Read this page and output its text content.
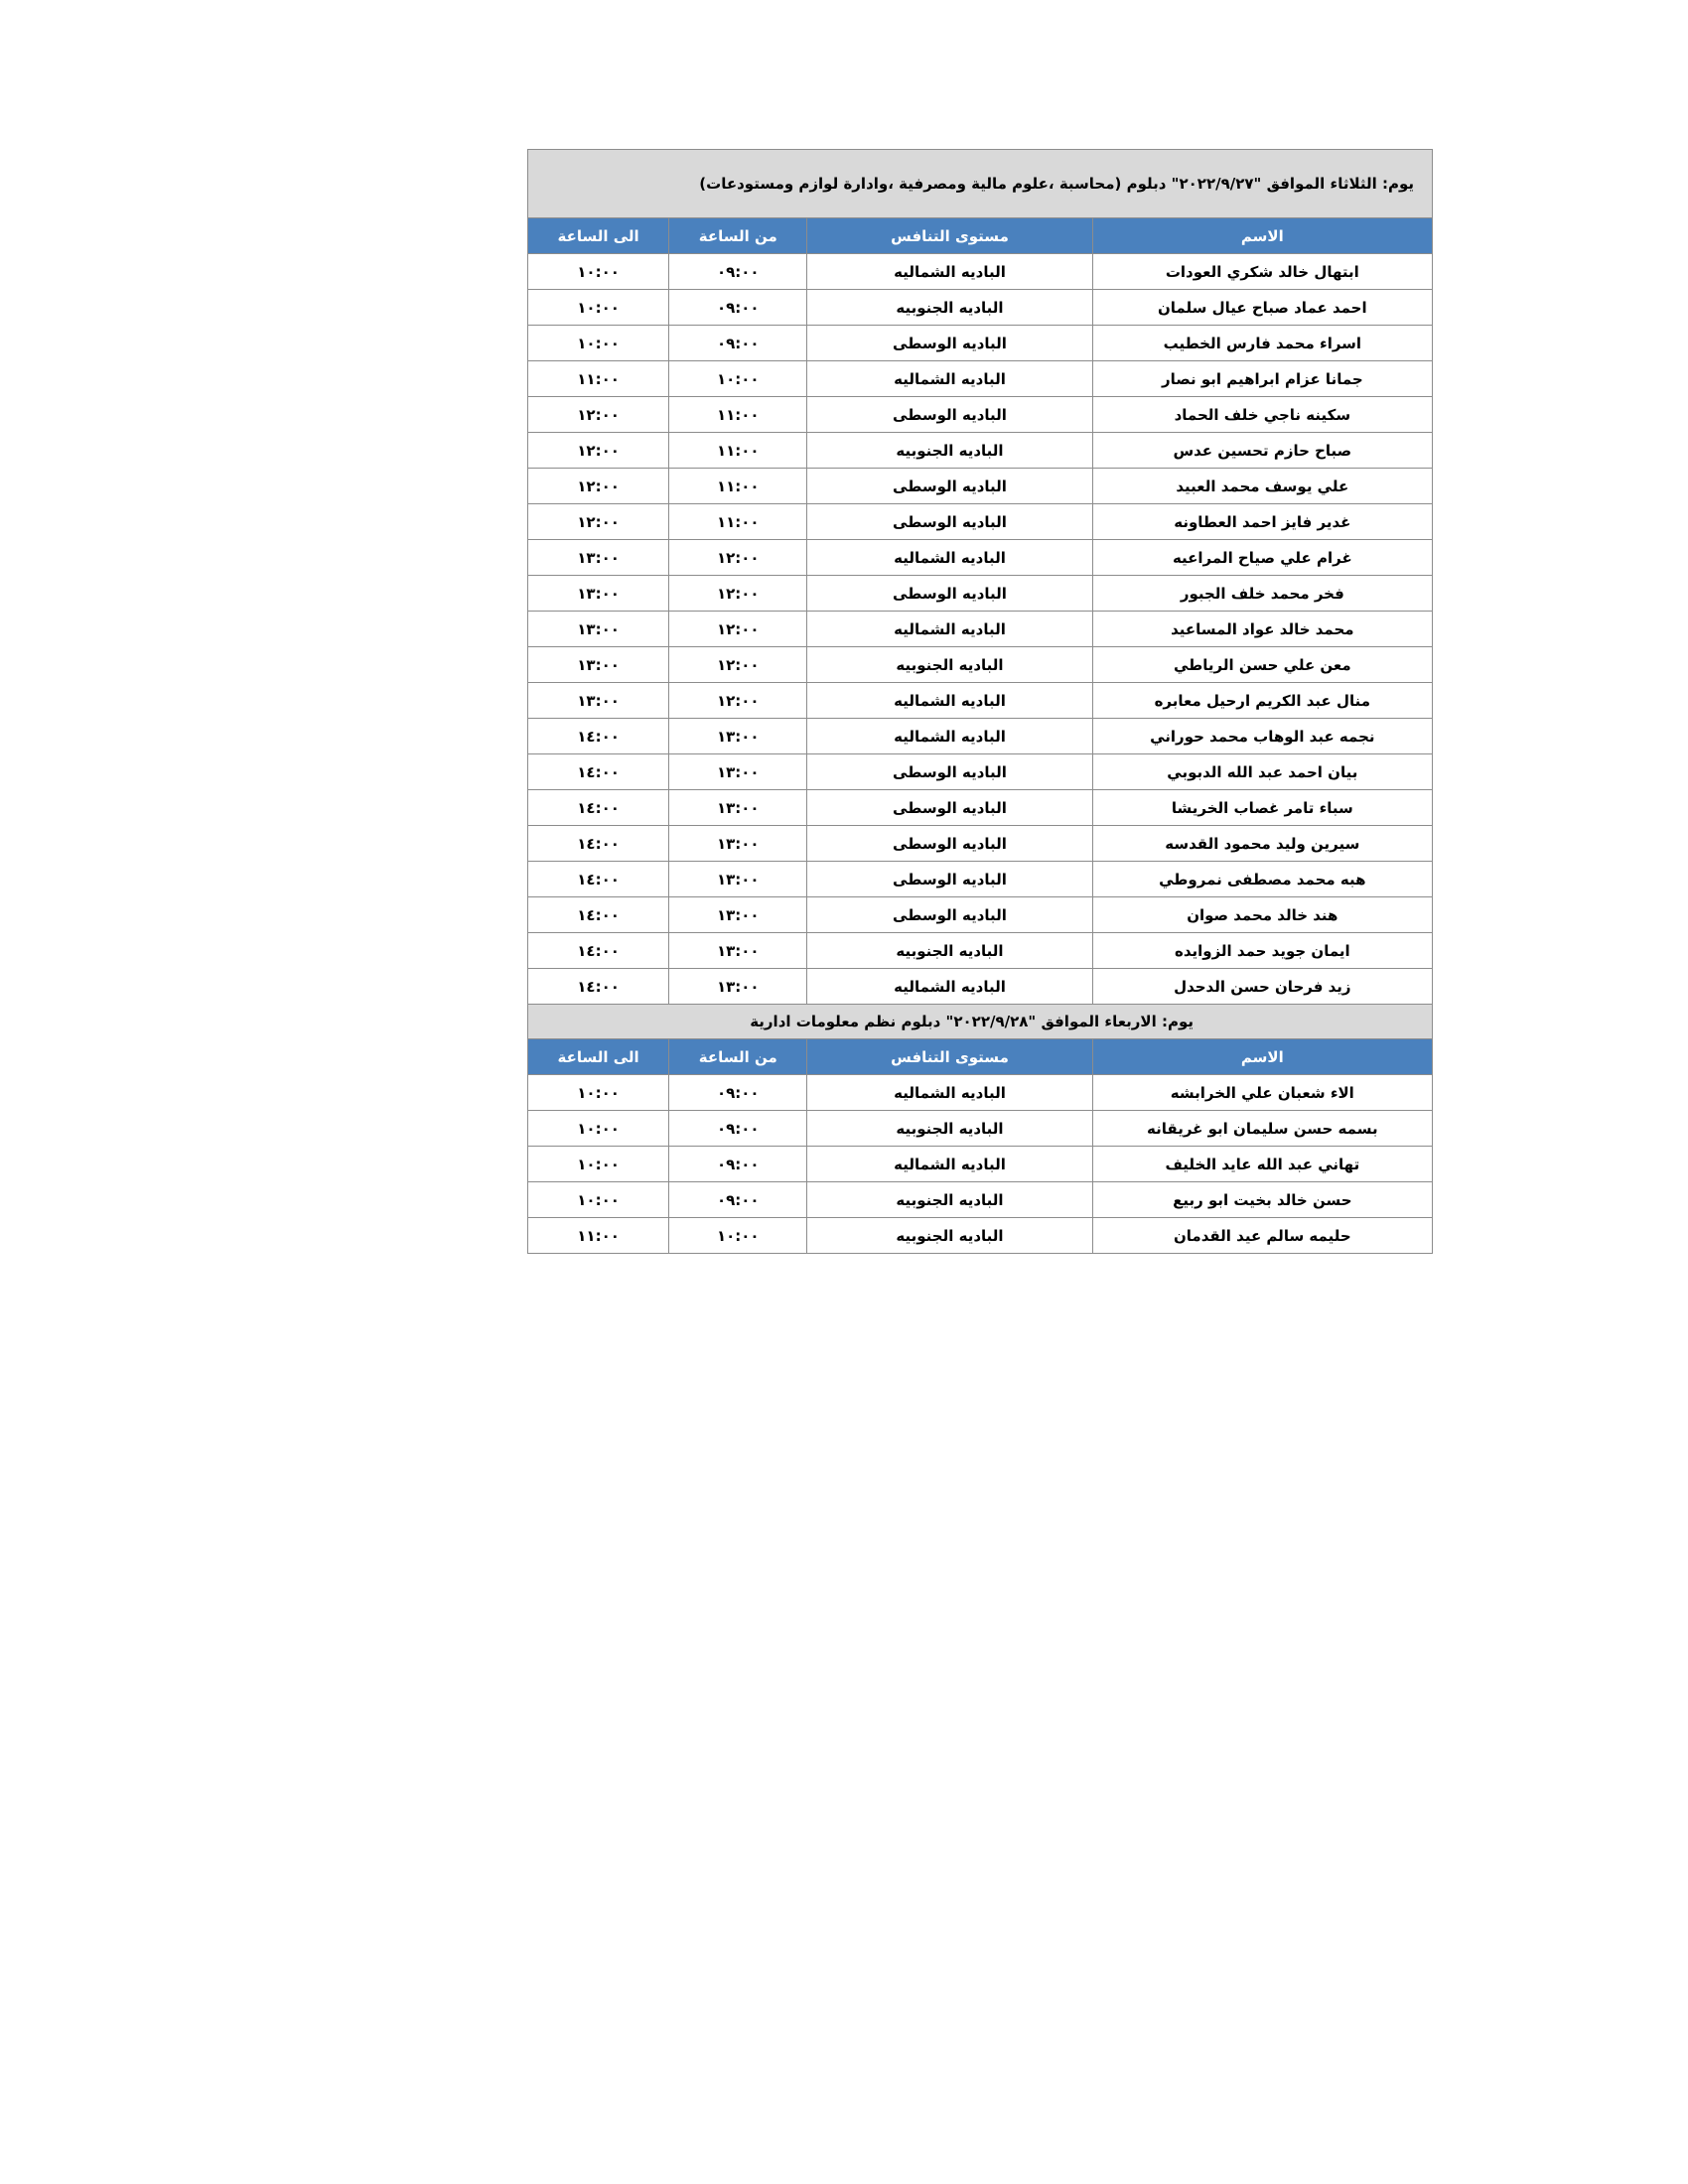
يوم: الثلاثاء الموافق "٢٠٢٢/٩/٢٧" دبلوم (محاسبة ،علوم مالية ومصرفية ،وادارة لوازم ومستودعات)			
الاسم	مستوى التنافس	من الساعة	الى الساعة
ابتهال خالد شكري العودات	الباديه الشماليه	٠٩:٠٠	١٠:٠٠
احمد عماد صباح عيال سلمان	الباديه الجنوبيه	٠٩:٠٠	١٠:٠٠
اسراء محمد فارس الخطيب	الباديه الوسطى	٠٩:٠٠	١٠:٠٠
جمانا عزام ابراهيم ابو نصار	الباديه الشماليه	١٠:٠٠	١١:٠٠
سكينه ناجي خلف الحماد	الباديه الوسطى	١١:٠٠	١٢:٠٠
صباح حازم تحسين عدس	الباديه الجنوبيه	١١:٠٠	١٢:٠٠
علي يوسف محمد العبيد	الباديه الوسطى	١١:٠٠	١٢:٠٠
غدير فايز احمد العطاونه	الباديه الوسطى	١١:٠٠	١٢:٠٠
غرام علي صياح المراعيه	الباديه الشماليه	١٢:٠٠	١٣:٠٠
فخر محمد خلف الجبور	الباديه الوسطى	١٢:٠٠	١٣:٠٠
محمد خالد عواد المساعيد	الباديه الشماليه	١٢:٠٠	١٣:٠٠
معن علي حسن الرياطي	الباديه الجنوبيه	١٢:٠٠	١٣:٠٠
منال عبد الكريم ارحيل معابره	الباديه الشماليه	١٢:٠٠	١٣:٠٠
نجمه عبد الوهاب محمد حوراني	الباديه الشماليه	١٣:٠٠	١٤:٠٠
بيان احمد عبد الله الدبوبي	الباديه الوسطى	١٣:٠٠	١٤:٠٠
سباء تامر غصاب الخريشا	الباديه الوسطى	١٣:٠٠	١٤:٠٠
سيرين وليد محمود القدسه	الباديه الوسطى	١٣:٠٠	١٤:٠٠
هبه محمد مصطفى نمروطي	الباديه الوسطى	١٣:٠٠	١٤:٠٠
هند خالد محمد صوان	الباديه الوسطى	١٣:٠٠	١٤:٠٠
ايمان جويد حمد الزوايده	الباديه الجنوبيه	١٣:٠٠	١٤:٠٠
زيد فرحان حسن الدحدل	الباديه الشماليه	١٣:٠٠	١٤:٠٠
يوم: الاربعاء الموافق "٢٠٢٢/٩/٢٨" دبلوم نظم معلومات ادارية			
الاسم	مستوى التنافس	من الساعة	الى الساعة
الاء شعبان علي الخرابشه	الباديه الشماليه	٠٩:٠٠	١٠:٠٠
بسمه حسن سليمان ابو غريقانه	الباديه الجنوبيه	٠٩:٠٠	١٠:٠٠
تهاني عبد الله عايد الخليف	الباديه الشماليه	٠٩:٠٠	١٠:٠٠
حسن خالد بخيت ابو ربيع	الباديه الجنوبيه	٠٩:٠٠	١٠:٠٠
حليمه سالم عيد القدمان	الباديه الجنوبيه	١٠:٠٠	١١:٠٠
